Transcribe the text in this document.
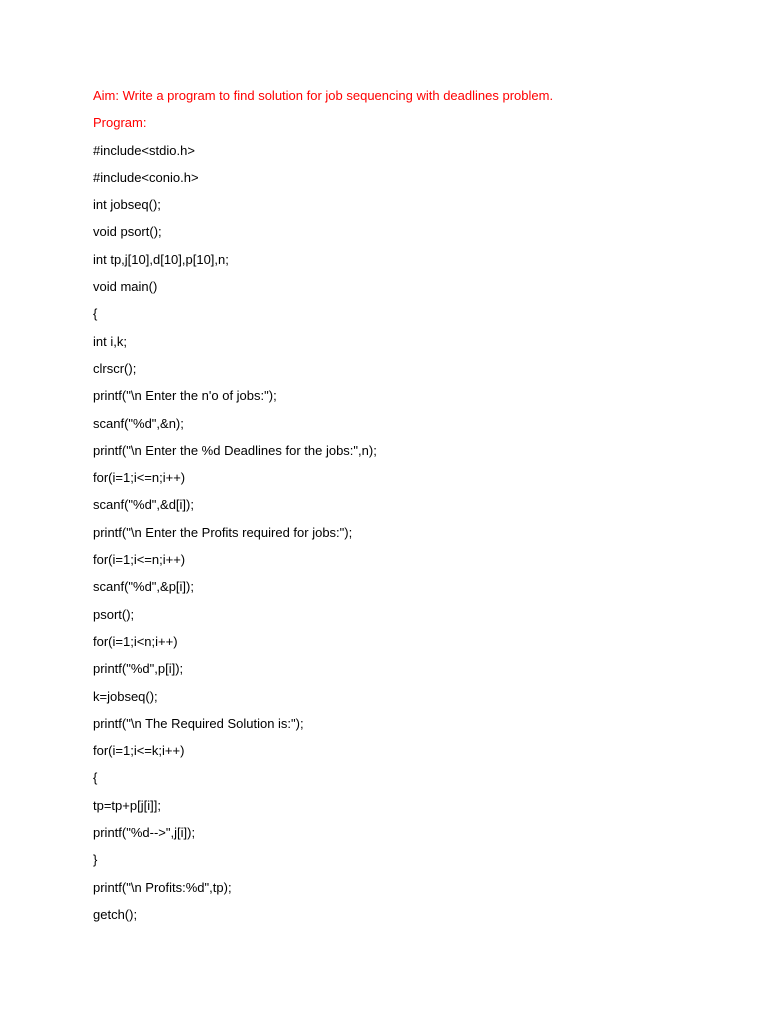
Aim: Write a program to find solution for job sequencing with deadlines problem.
Program:
#include<stdio.h>
#include<conio.h>
int jobseq();
void psort();
int tp,j[10],d[10],p[10],n;
void main()
{
int i,k;
clrscr();
printf("\n Enter the n'o of jobs:");
scanf("%d",&n);
printf("\n Enter the %d Deadlines for the jobs:",n);
for(i=1;i<=n;i++)
scanf("%d",&d[i]);
printf("\n Enter the Profits required for jobs:");
for(i=1;i<=n;i++)
scanf("%d",&p[i]);
psort();
for(i=1;i<n;i++)
printf("%d",p[i]);
k=jobseq();
printf("\n The Required Solution is:");
for(i=1;i<=k;i++)
{
tp=tp+p[j[i]];
printf("%d-->",j[i]);
}
printf("\n Profits:%d",tp);
getch();
